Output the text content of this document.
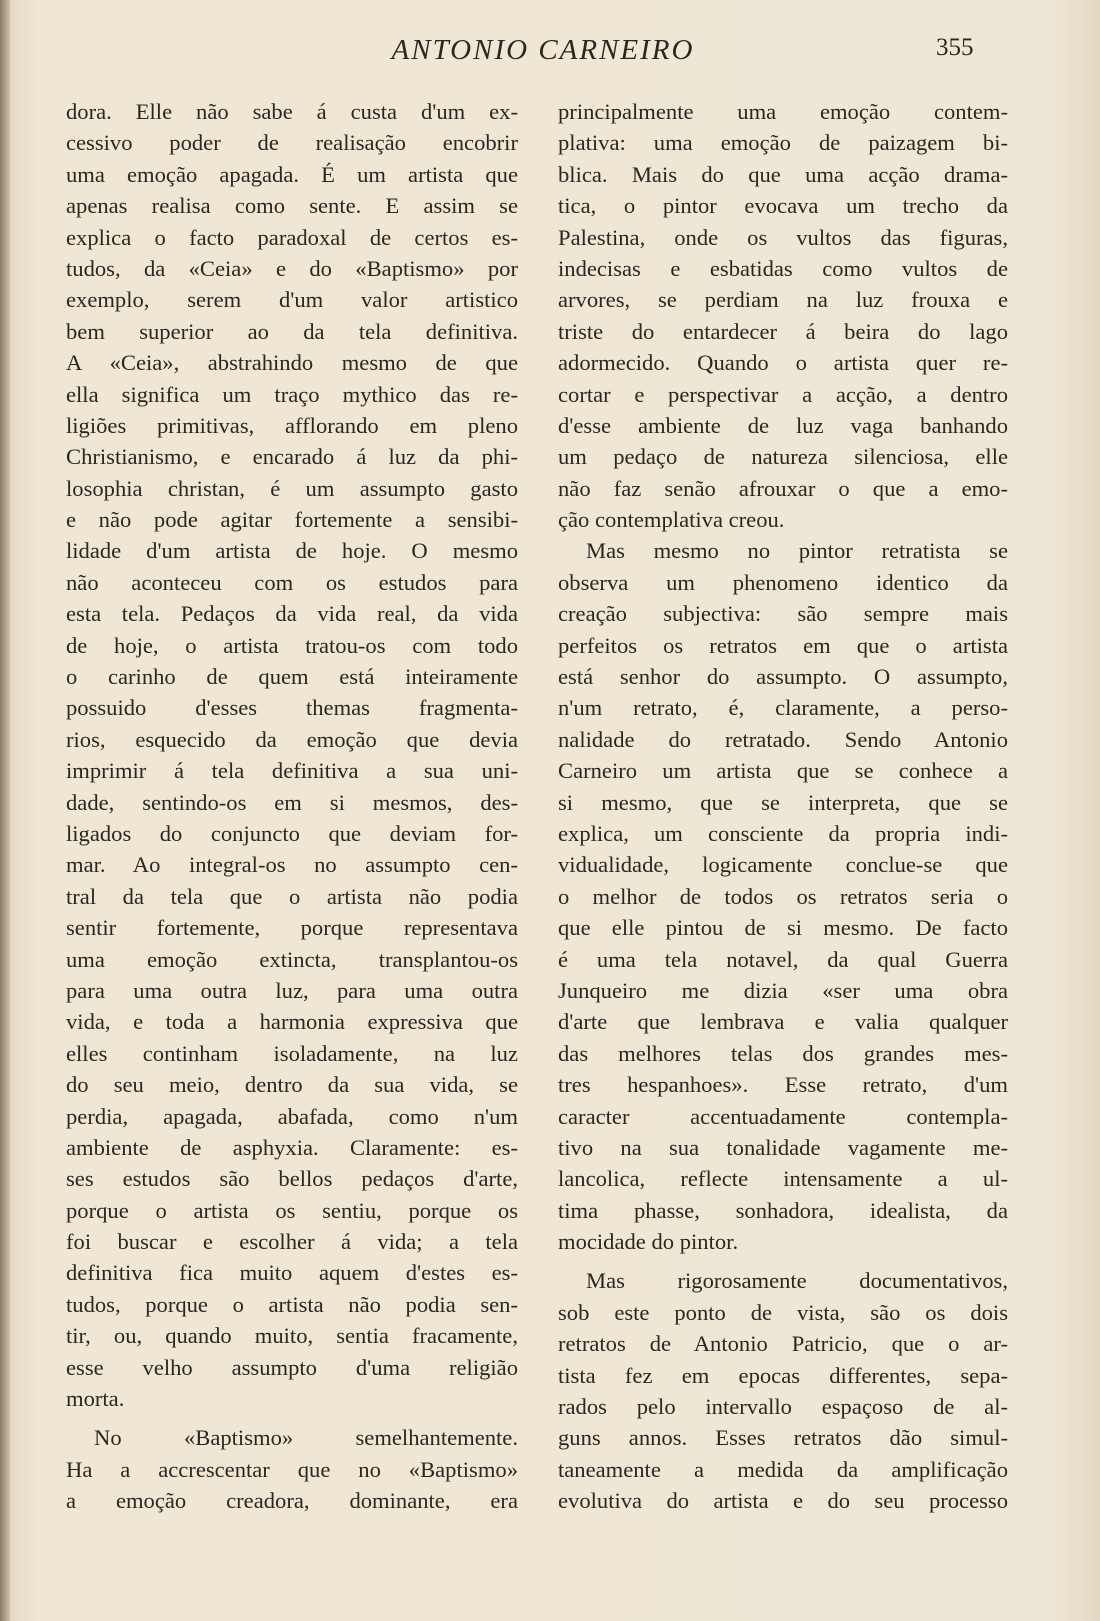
ANTONIO CARNEIRO	355
dora. Elle não sabe á custa d'um ex-
cessivo poder de realisação encobrir
uma emoção apagada. É um artista que
apenas realisa como sente. E assim se
explica o facto paradoxal de certos es-
tudos, da «Ceia» e do «Baptismo» por
exemplo, serem d'um valor artistico
bem superior ao da tela definitiva.
A «Ceia», abstrahindo mesmo de que
ella significa um traço mythico das re-
ligiões primitivas, afflorando em pleno
Christianismo, e encarado á luz da phi-
losophia christan, é um assumpto gasto
e não pode agitar fortemente a sensibi-
lidade d'um artista de hoje. O mesmo
não aconteceu com os estudos para
esta tela. Pedaços da vida real, da vida
de hoje, o artista tratou-os com todo
o carinho de quem está inteiramente
possuido d'esses themas fragmenta-
rios, esquecido da emoção que devia
imprimir á tela definitiva a sua uni-
dade, sentindo-os em si mesmos, des-
ligados do conjuncto que deviam for-
mar. Ao integral-os no assumpto cen-
tral da tela que o artista não podia
sentir fortemente, porque representava
uma emoção extincta, transplantou-os
para uma outra luz, para uma outra
vida, e toda a harmonia expressiva que
elles continham isoladamente, na luz
do seu meio, dentro da sua vida, se
perdia, apagada, abafada, como n'um
ambiente de asphyxia. Claramente: es-
ses estudos são bellos pedaços d'arte,
porque o artista os sentiu, porque os
foi buscar e escolher á vida; a tela
definitiva fica muito aquem d'estes es-
tudos, porque o artista não podia sen-
tir, ou, quando muito, sentia fracamente,
esse velho assumpto d'uma religião
morta.
No «Baptismo» semelhantemente.
Ha a accrescentar que no «Baptismo»
a emoção creadora, dominante, era
principalmente uma emoção contem-
plativa: uma emoção de paizagem bi-
blica. Mais do que uma acção drama-
tica, o pintor evocava um trecho da
Palestina, onde os vultos das figuras,
indecisas e esbatidas como vultos de
arvores, se perdiam na luz frouxa e
triste do entardecer á beira do lago
adormecido. Quando o artista quer re-
cortar e perspectivar a acção, a dentro
d'esse ambiente de luz vaga banhando
um pedaço de natureza silenciosa, elle
não faz senão afrouxar o que a emo-
ção contemplativa creou.
Mas mesmo no pintor retratista se
observa um phenomeno identico da
creação subjectiva: são sempre mais
perfeitos os retratos em que o artista
está senhor do assumpto. O assumpto,
n'um retrato, é, claramente, a perso-
nalidade do retratado. Sendo Antonio
Carneiro um artista que se conhece a
si mesmo, que se interpreta, que se
explica, um consciente da propria indi-
vidualidade, logicamente conclue-se que
o melhor de todos os retratos seria o
que elle pintou de si mesmo. De facto
é uma tela notavel, da qual Guerra
Junqueiro me dizia «ser uma obra
d'arte que lembrava e valia qualquer
das melhores telas dos grandes mes-
tres hespanhoes». Esse retrato, d'um
caracter accentuadamente contempla-
tivo na sua tonalidade vagamente me-
lancolica, reflecte intensamente a ul-
tima phasse, sonhadora, idealista, da
mocidade do pintor.
Mas rigorosamente documentativos,
sob este ponto de vista, são os dois
retratos de Antonio Patricio, que o ar-
tista fez em epocas differentes, sepa-
rados pelo intervallo espaçoso de al-
guns annos. Esses retratos dão simul-
taneamente a medida da amplificação
evolutiva do artista e do seu processo
